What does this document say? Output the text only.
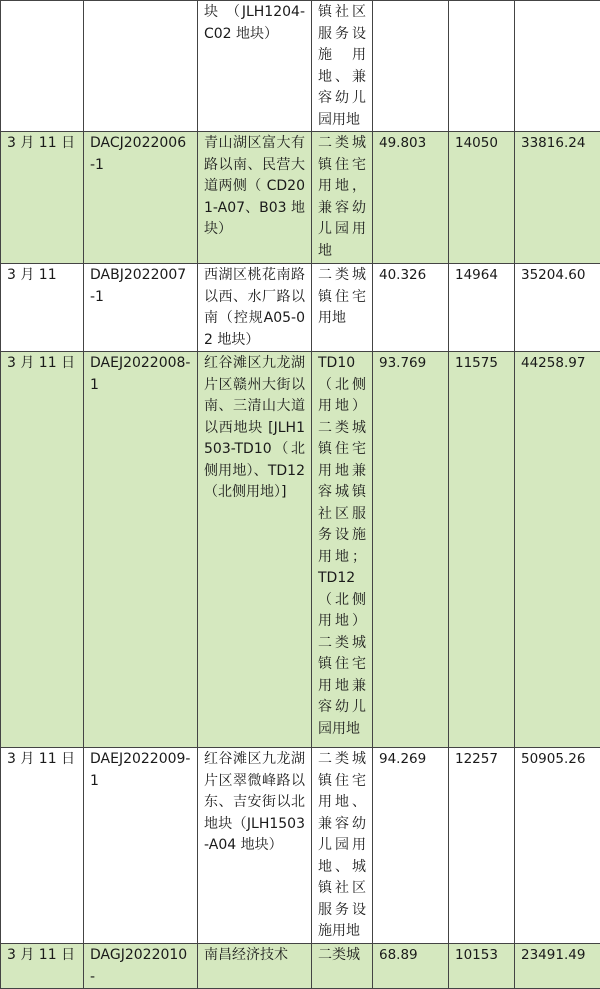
		块 （JLH1204-C02 地块）	镇社区服务设施用地、兼容幼儿园用地			
3 月 11 日	DACJ2022006-1	青山湖区富大有路以南、民营大道两侧（ CD201-A07、B03 地块）	二类城镇住宅用地，兼容幼儿园用地	49.803	14050	33816.24
3 月 11	DABJ2022007-1	西湖区桃花南路以西、水厂路以南（控规A05-02 地块）	二类城镇住宅用地	40.326	14964	35204.60
3 月 11 日	DAEJ2022008-1	红谷滩区九龙湖片区赣州大街以南、三清山大道以西地块 [JLH1503-TD10（北侧用地）、TD12（北侧用地）]	TD10 （北侧用地）二类城镇住宅用地兼容城镇社区服务设施用地；TD12 （北侧用地）二类城镇住宅用地兼容幼儿园用地	93.769	11575	44258.97
3 月 11 日	DAEJ2022009-1	红谷滩区九龙湖片区翠微峰路以东、吉安街以北地块（JLH1503-A04 地块）	二类城镇住宅用地、兼容幼儿园用地、城镇社区服务设施用地	94.269	12257	50905.26
3 月 11 日	DAGJ2022010-	南昌经济技术	二类城	68.89	10153	23491.49
